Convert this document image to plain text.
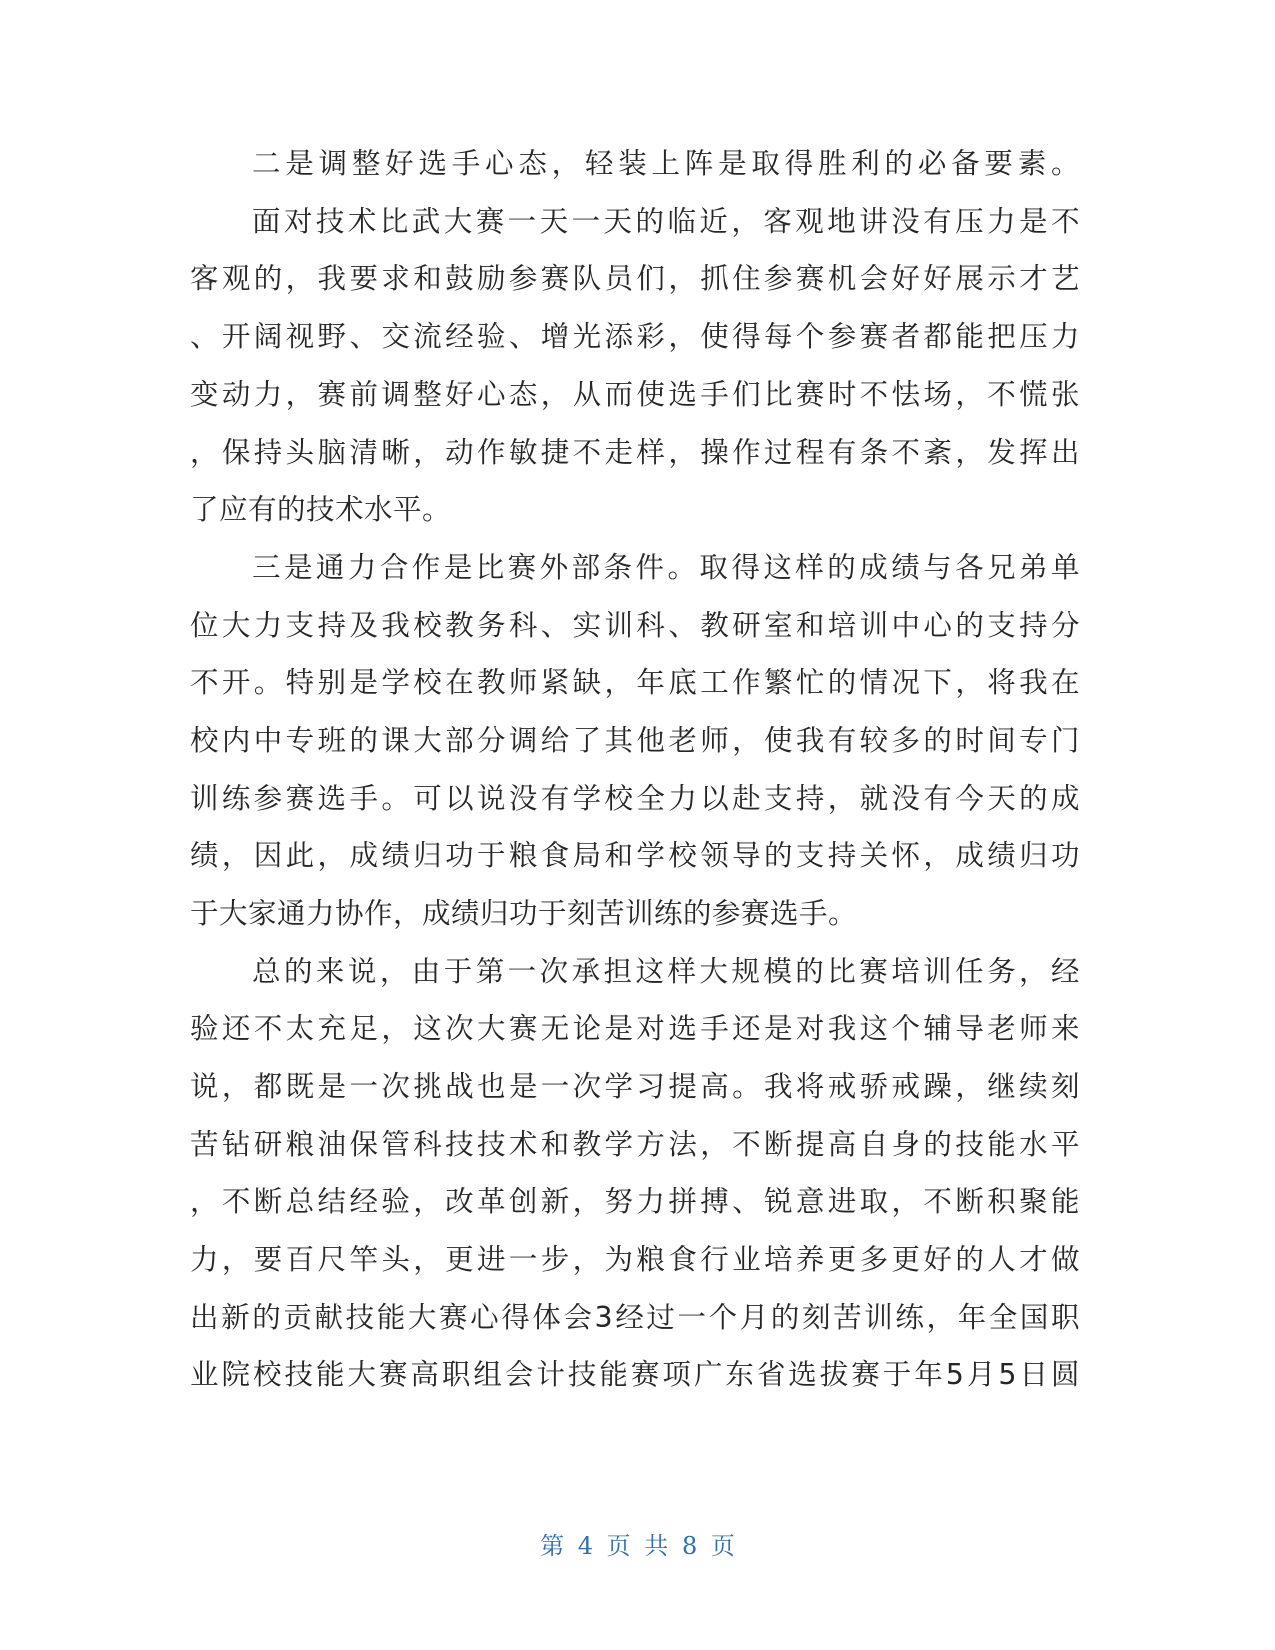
二是调整好选手心态，轻装上阵是取得胜利的必备要素。
面对技术比武大赛一天一天的临近，客观地讲没有压力是不
客观的，我要求和鼓励参赛队员们，抓住参赛机会好好展示才艺
、开阔视野、交流经验、增光添彩，使得每个参赛者都能把压力
变动力，赛前调整好心态，从而使选手们比赛时不怯场，不慌张
，保持头脑清晰，动作敏捷不走样，操作过程有条不紊，发挥出
了应有的技术水平。
三是通力合作是比赛外部条件。取得这样的成绩与各兄弟单
位大力支持及我校教务科、实训科、教研室和培训中心的支持分
不开。特别是学校在教师紧缺，年底工作繁忙的情况下，将我在
校内中专班的课大部分调给了其他老师，使我有较多的时间专门
训练参赛选手。可以说没有学校全力以赴支持，就没有今天的成
绩，因此，成绩归功于粮食局和学校领导的支持关怀，成绩归功
于大家通力协作，成绩归功于刻苦训练的参赛选手。
总的来说，由于第一次承担这样大规模的比赛培训任务，经
验还不太充足，这次大赛无论是对选手还是对我这个辅导老师来
说，都既是一次挑战也是一次学习提高。我将戒骄戒躁，继续刻
苦钻研粮油保管科技技术和教学方法，不断提高自身的技能水平
，不断总结经验，改革创新，努力拼搏、锐意进取，不断积聚能
力，要百尺竿头，更进一步，为粮食行业培养更多更好的人才做
出新的贡献技能大赛心得体会3经过一个月的刻苦训练，年全国职
业院校技能大赛高职组会计技能赛项广东省选拔赛于年5月5日圆
第 4 页 共 8 页
